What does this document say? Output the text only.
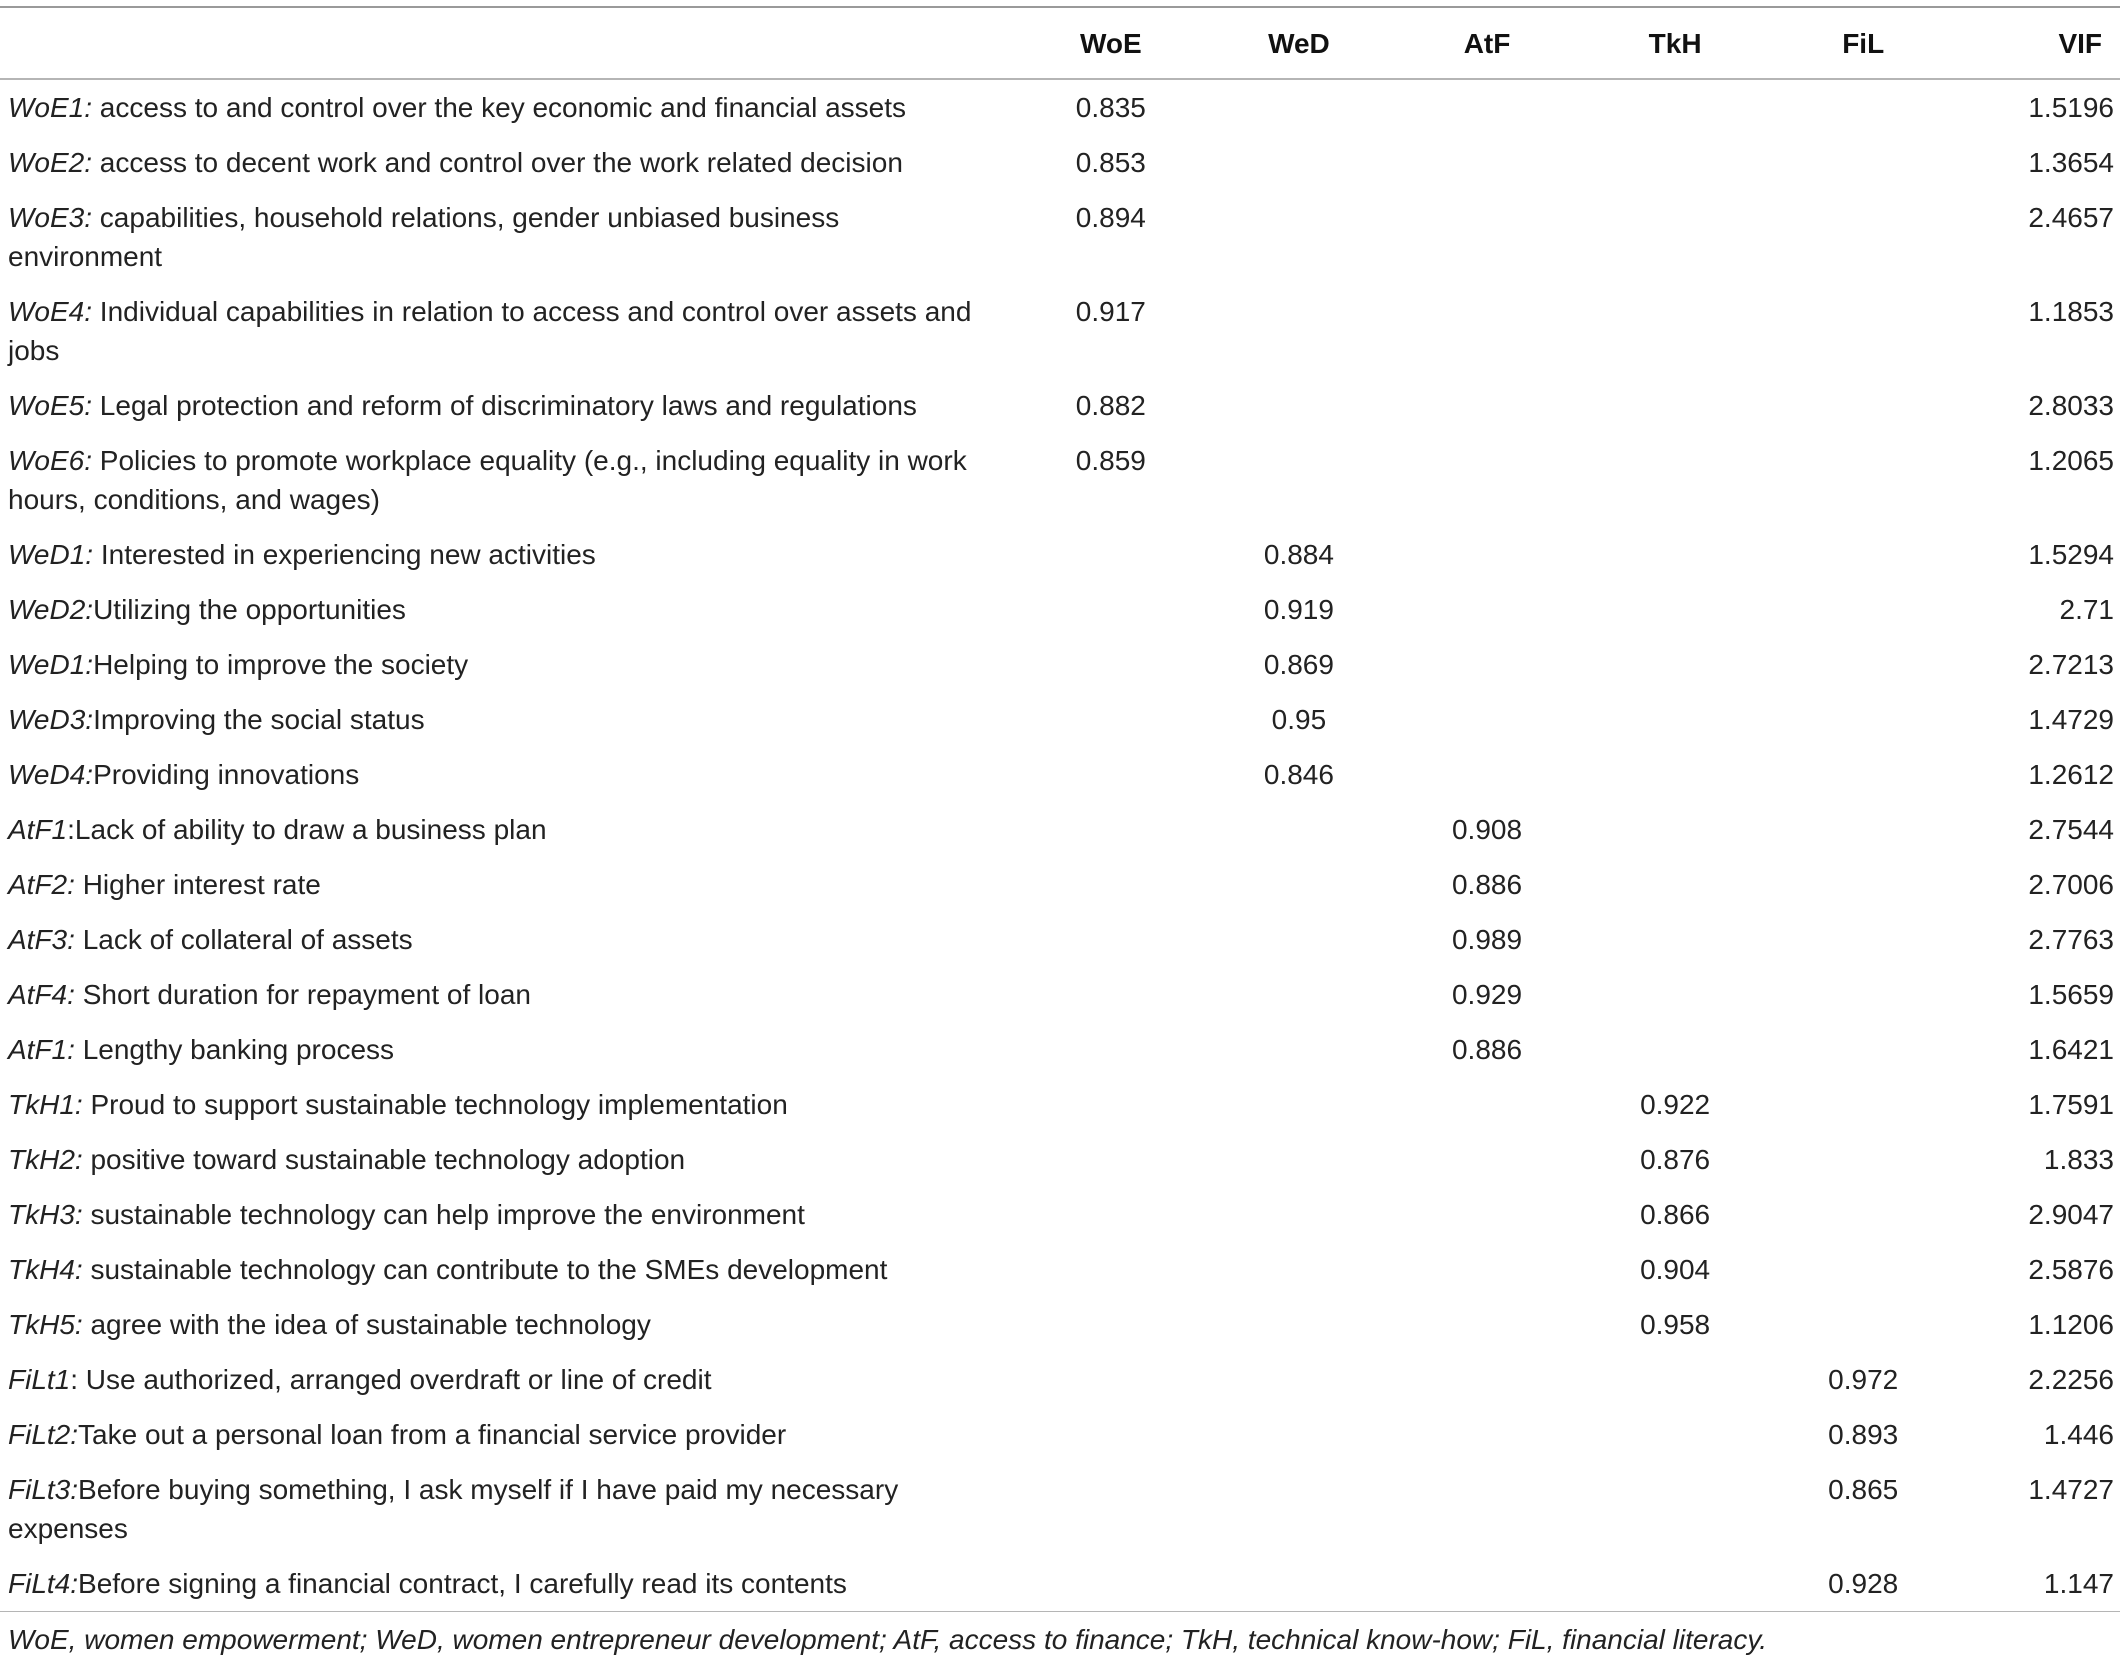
	WoE	WeD	AtF	TkH	FiL	VIF

WoE1: access to and control over the key economic and financial assets	0.835					1.5196
WoE2: access to decent work and control over the work related decision	0.853					1.3654
WoE3: capabilities, household relations, gender unbiased business environment	0.894					2.4657
WoE4: Individual capabilities in relation to access and control over assets and jobs	0.917					1.1853
WoE5: Legal protection and reform of discriminatory laws and regulations	0.882					2.8033
WoE6: Policies to promote workplace equality (e.g., including equality in work hours, conditions, and wages)	0.859					1.2065
WeD1: Interested in experiencing new activities		0.884				1.5294
WeD2:Utilizing the opportunities		0.919				2.71
WeD1:Helping to improve the society		0.869				2.7213
WeD3:Improving the social status		0.95				1.4729
WeD4:Providing innovations		0.846				1.2612
AtF1:Lack of ability to draw a business plan			0.908			2.7544
AtF2: Higher interest rate			0.886			2.7006
AtF3: Lack of collateral of assets			0.989			2.7763
AtF4: Short duration for repayment of loan			0.929			1.5659
AtF1: Lengthy banking process			0.886			1.6421
TkH1: Proud to support sustainable technology implementation				0.922		1.7591
TkH2: positive toward sustainable technology adoption				0.876		1.833
TkH3: sustainable technology can help improve the environment				0.866		2.9047
TkH4: sustainable technology can contribute to the SMEs development				0.904		2.5876
TkH5: agree with the idea of sustainable technology				0.958		1.1206
FiLt1: Use authorized, arranged overdraft or line of credit					0.972	2.2256
FiLt2:Take out a personal loan from a financial service provider					0.893	1.446
FiLt3:Before buying something, I ask myself if I have paid my necessary expenses					0.865	1.4727
FiLt4:Before signing a financial contract, I carefully read its contents					0.928	1.147
WoE, women empowerment; WeD, women entrepreneur development; AtF, access to finance; TkH, technical know-how; FiL, financial literacy.
